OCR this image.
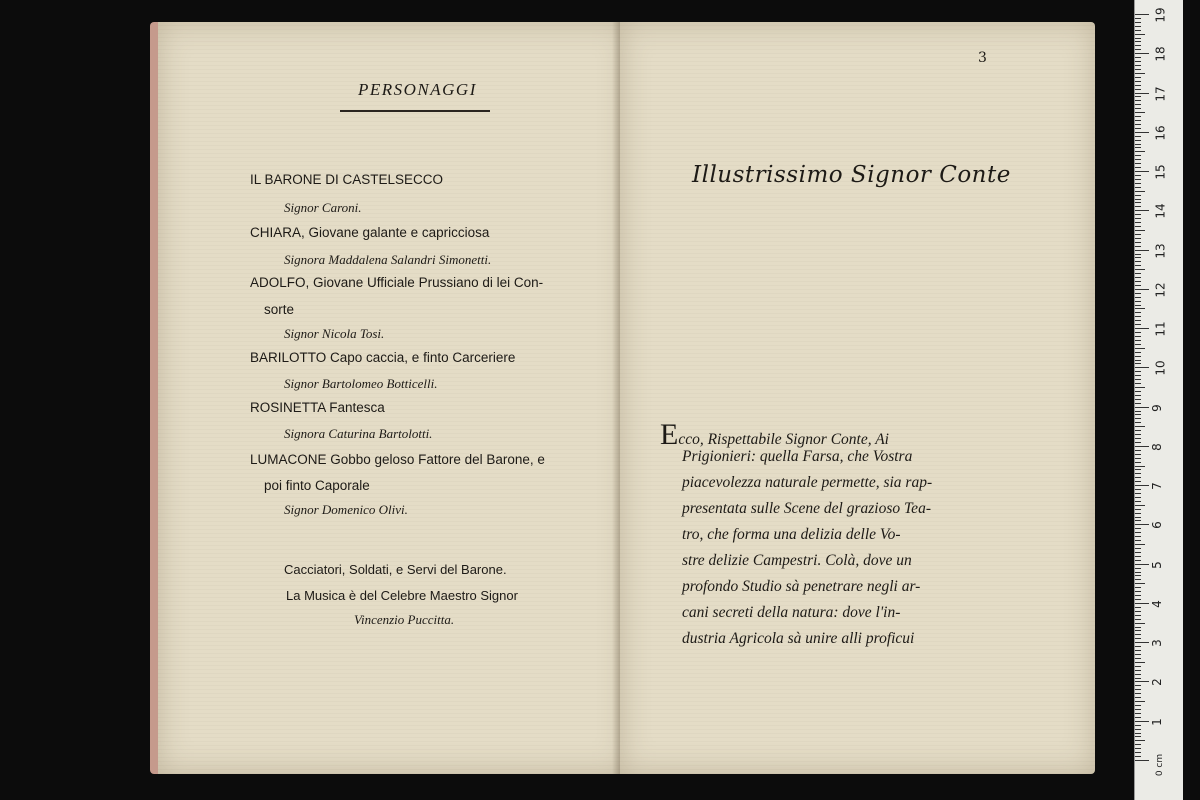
PERSONAGGI
IL BARONE DI CASTELSECCO
Signor Caroni.
CHIARA, Giovane galante e capricciosa
Signora Maddalena Salandri Simonetti.
ADOLFO, Giovane Ufficiale Prussiano di lei Con-
sorte
Signor Nicola Tosi.
BARILOTTO Capo caccia, e finto Carceriere
Signor Bartolomeo Botticelli.
ROSINETTA Fantesca
Signora Caturina Bartolotti.
LUMACONE Gobbo geloso Fattore del Barone, e
poi finto Caporale
Signor Domenico Olivi.
Cacciatori, Soldati, e Servi del Barone.
La Musica è del Celebre Maestro Signor
Vincenzio Puccitta.
3
Illustrissimo Signor Conte
Ecco, Rispettabile Signor Conte, Ai
Prigionieri: quella Farsa, che Vostra
piacevolezza naturale permette, sia rap-
presentata sulle Scene del grazioso Tea-
tro, che forma una delizia delle Vo-
stre delizie Campestri. Colà, dove un
profondo Studio sà penetrare negli ar-
cani secreti della natura: dove l'in-
dustria Agricola sà unire alli proficui
0 cm
1
2
3
4
5
6
7
8
9
10
11
12
13
14
15
16
17
18
19
